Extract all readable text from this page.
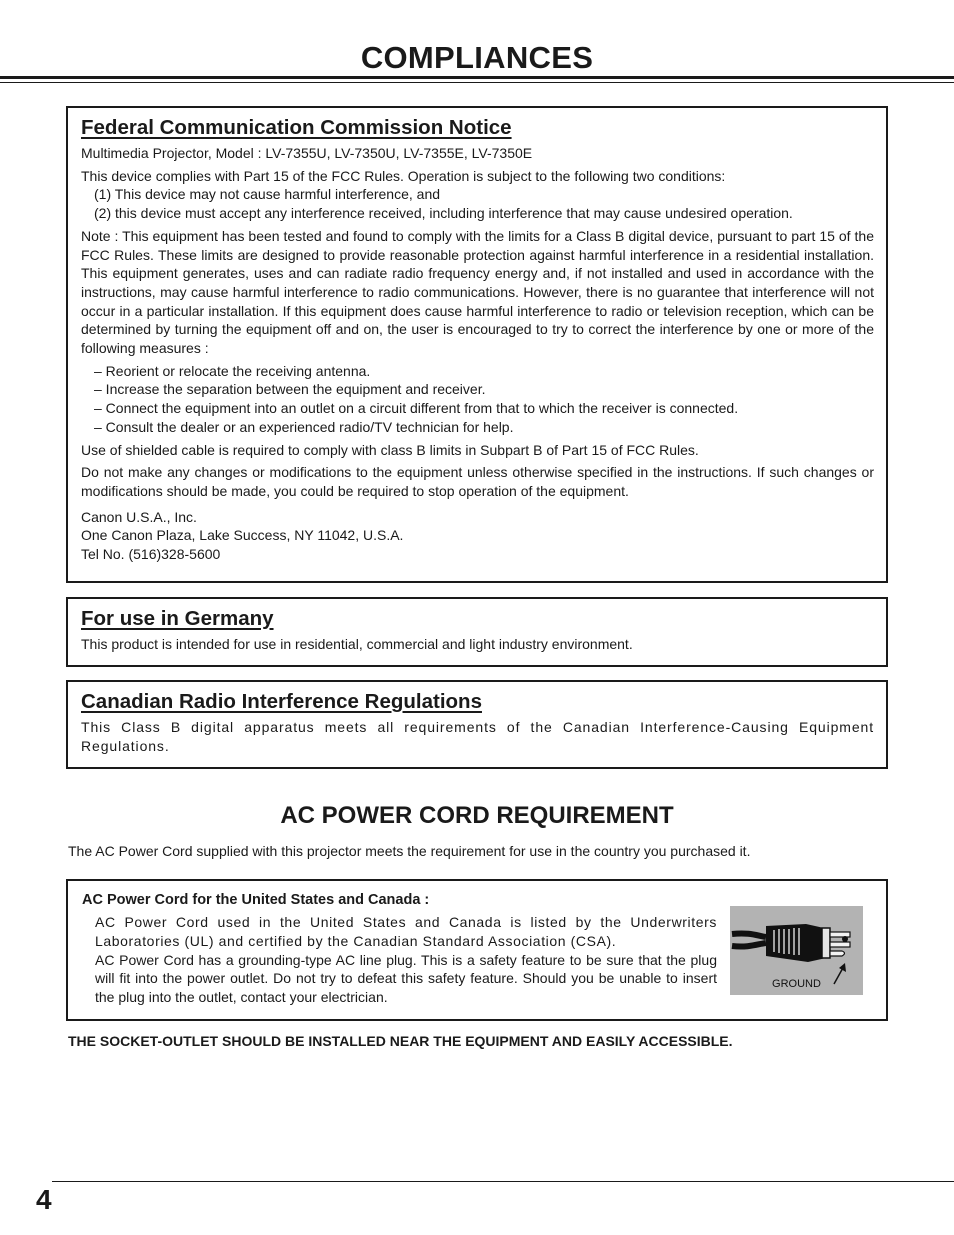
COMPLIANCES
Federal Communication Commission Notice

Multimedia Projector, Model : LV-7355U, LV-7350U, LV-7355E, LV-7350E

This device complies with Part 15 of the FCC Rules. Operation is subject to the following two conditions:

(1) This device may not cause harmful interference, and

(2) this device must accept any interference received, including interference that may cause undesired operation.

Note : This equipment has been tested and found to comply with the limits for a Class B digital device, pursuant to part 15 of the FCC Rules. These limits are designed to provide reasonable protection against harmful interference in a residential installation. This equipment generates, uses and can radiate radio frequency energy and, if not installed and used in accordance with the instructions, may cause harmful interference to radio communications. However, there is no guarantee that interference will not occur in a particular installation. If this equipment does cause harmful interference to radio or television reception, which can be determined by turning the equipment off and on, the user is encouraged to try to correct the interference by one or more of the following measures :

– Reorient or relocate the receiving antenna.
– Increase the separation between the equipment and receiver.
– Connect the equipment into an outlet on a circuit different from that to which the receiver is connected.
– Consult the dealer or an experienced radio/TV technician for help.

Use of shielded cable is required to comply with class B limits in Subpart B of Part 15 of FCC Rules.

Do not make any changes or modifications to the equipment unless otherwise specified in the instructions. If such changes or modifications should be made, you could be required to stop operation of the equipment.

Canon U.S.A., Inc.

One Canon Plaza, Lake Success, NY 11042, U.S.A.

Tel No. (516)328-5600

For use in Germany

This product is intended for use in residential, commercial and light industry environment.

Canadian Radio Interference Regulations

This Class B digital apparatus meets all requirements of the Canadian Interference-Causing Equipment Regulations.

AC POWER CORD REQUIREMENT
The AC Power Cord supplied with this projector meets the requirement for use in the country you purchased it.
AC Power Cord for the United States and Canada :
AC Power Cord used in the United States and Canada is listed by the Underwriters Laboratories (UL) and certified by the Canadian Standard Association (CSA).
AC Power Cord has a grounding-type AC line plug. This is a safety feature to be sure that the plug will fit into the power outlet. Do not try to defeat this safety feature. Should you be unable to insert the plug into the outlet, contact your electrician.
GROUND
THE SOCKET-OUTLET SHOULD BE INSTALLED NEAR THE EQUIPMENT AND EASILY ACCESSIBLE.
4
